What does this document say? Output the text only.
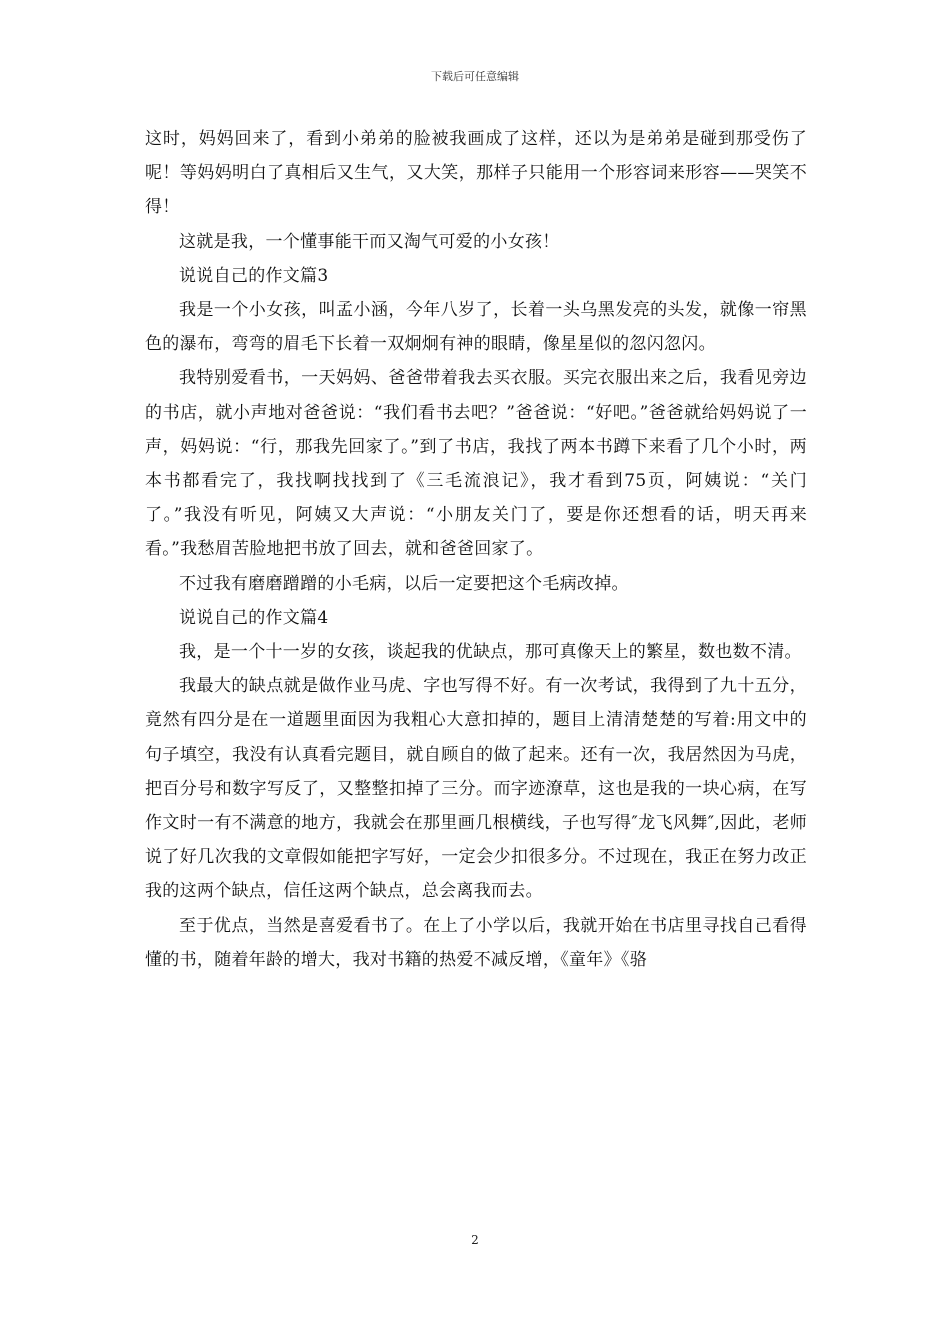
下载后可任意编辑

这时，妈妈回来了，看到小弟弟的脸被我画成了这样，还以为是弟弟是碰到那受伤了呢！等妈妈明白了真相后又生气，又大笑，那样子只能用一个形容词来形容——哭笑不得！

这就是我，一个懂事能干而又淘气可爱的小女孩！

说说自己的作文篇3

我是一个小女孩，叫孟小涵，今年八岁了，长着一头乌黑发亮的头发，就像一帘黑色的瀑布，弯弯的眉毛下长着一双炯炯有神的眼睛，像星星似的忽闪忽闪。

我特别爱看书，一天妈妈、爸爸带着我去买衣服。买完衣服出来之后，我看见旁边的书店，就小声地对爸爸说：“我们看书去吧？”爸爸说：“好吧。”爸爸就给妈妈说了一声，妈妈说：“行，那我先回家了。”到了书店，我找了两本书蹲下来看了几个小时，两本书都看完了，我找啊找找到了《三毛流浪记》，我才看到75页，阿姨说：“关门了。”我没有听见，阿姨又大声说：“小朋友关门了，要是你还想看的话，明天再来看。”我愁眉苦脸地把书放了回去，就和爸爸回家了。

不过我有磨磨蹭蹭的小毛病，以后一定要把这个毛病改掉。

说说自己的作文篇4

我，是一个十一岁的女孩，谈起我的优缺点，那可真像天上的繁星，数也数不清。

我最大的缺点就是做作业马虎、字也写得不好。有一次考试，我得到了九十五分，竟然有四分是在一道题里面因为我粗心大意扣掉的，题目上清清楚楚的写着:用文中的句子填空，我没有认真看完题目，就自顾自的做了起来。还有一次，我居然因为马虎，把百分号和数字写反了，又整整扣掉了三分。而字迹潦草，这也是我的一块心病，在写作文时一有不满意的地方，我就会在那里画几根横线，子也写得″龙飞风舞″,因此，老师说了好几次我的文章假如能把字写好，一定会少扣很多分。不过现在，我正在努力改正我的这两个缺点，信任这两个缺点，总会离我而去。

至于优点，当然是喜爱看书了。在上了小学以后，我就开始在书店里寻找自己看得懂的书，随着年龄的增大，我对书籍的热爱不减反增，《童年》《骆

2
